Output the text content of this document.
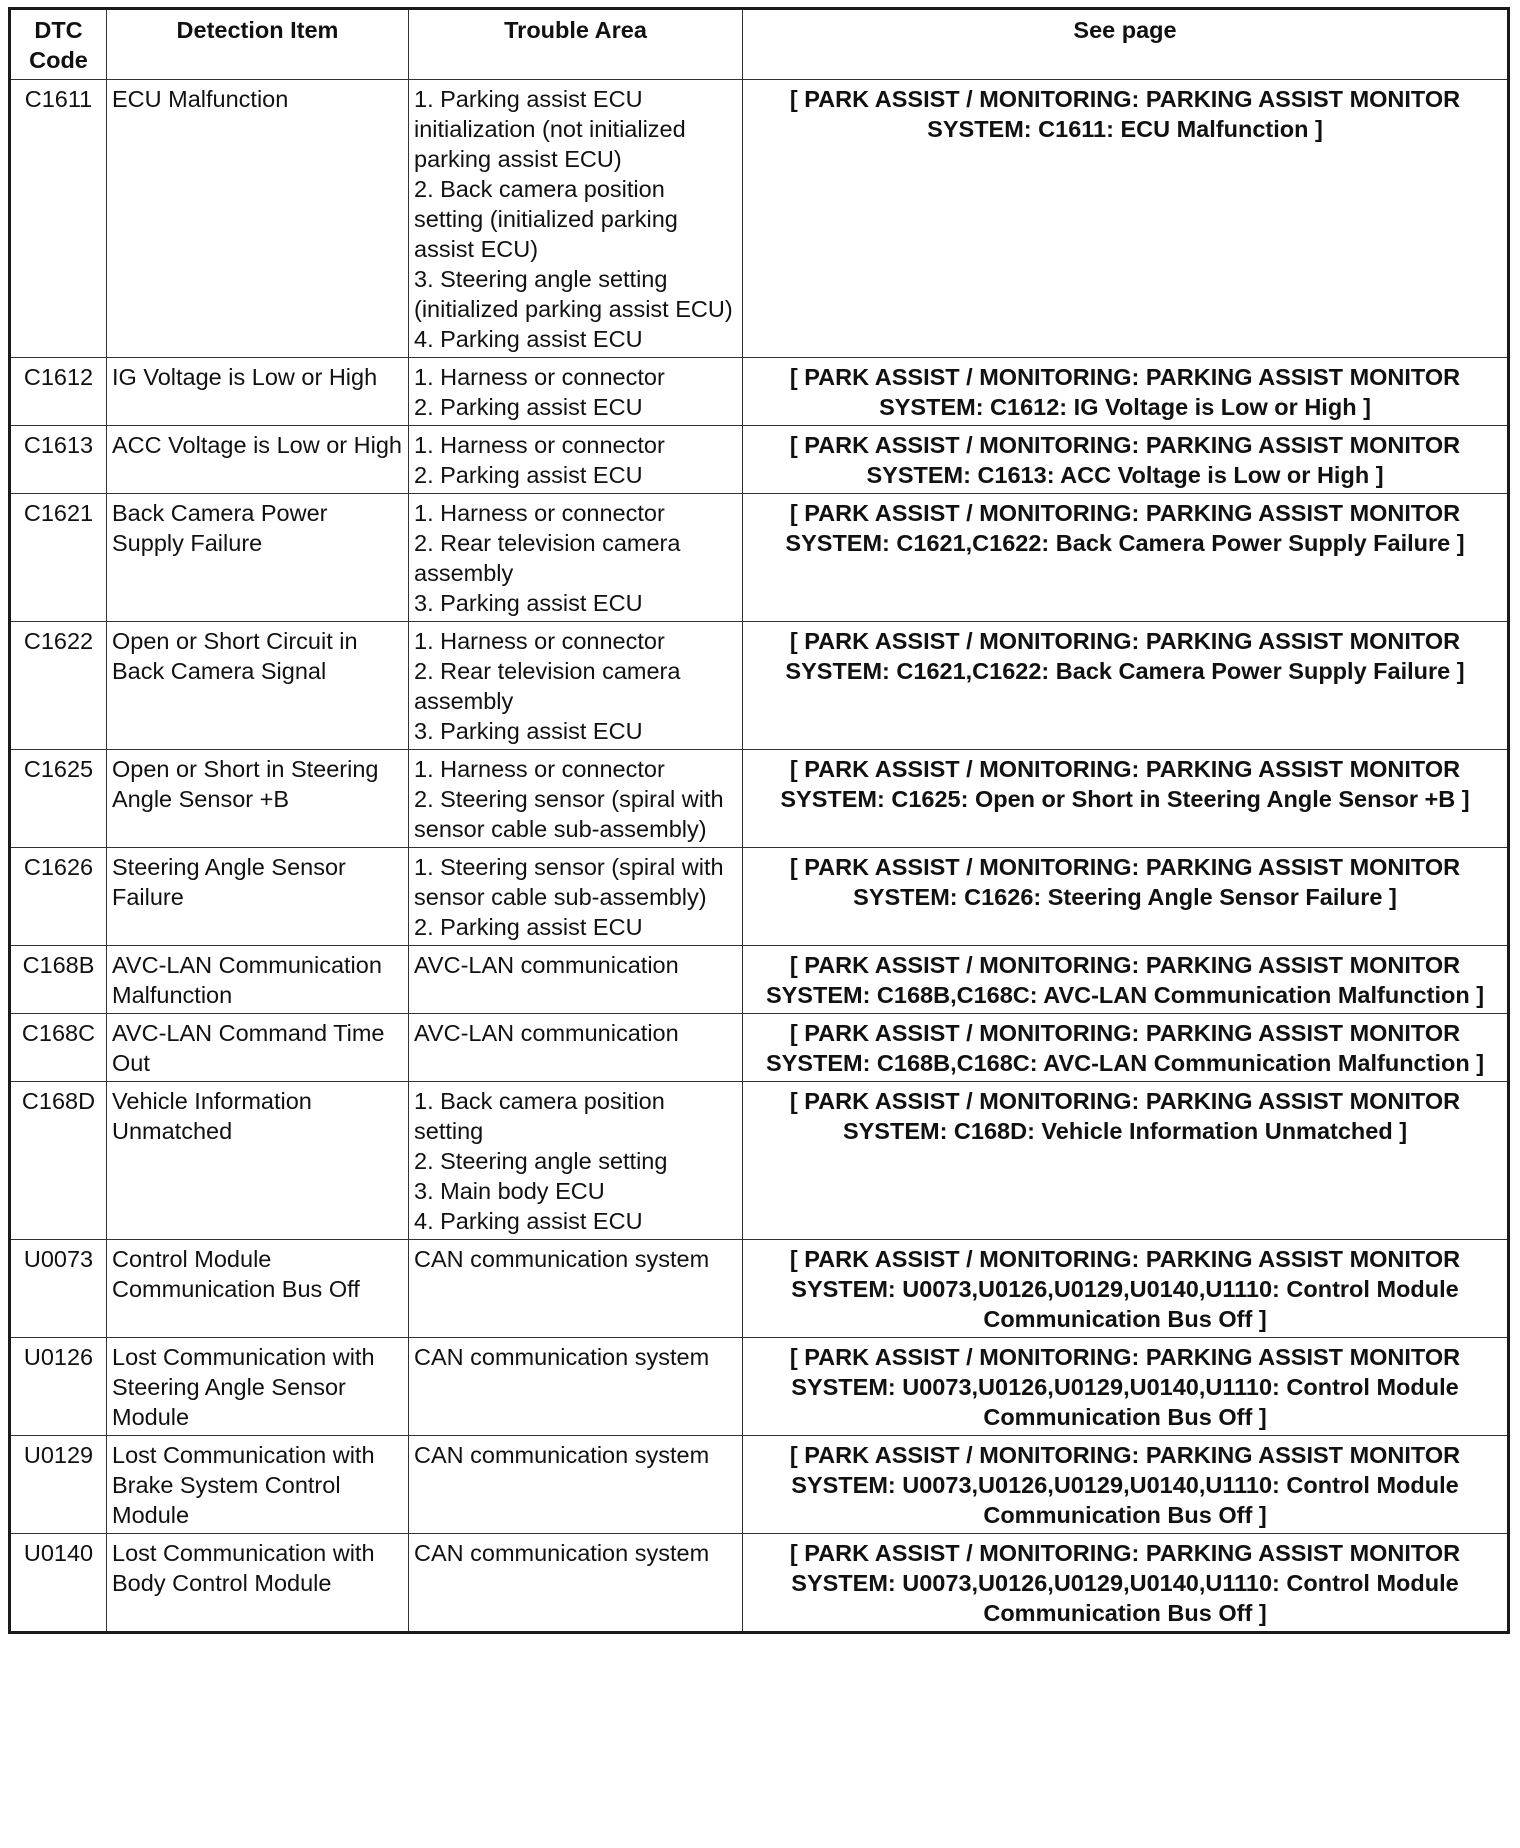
DTC
Code	Detection Item	Trouble Area	See page
C1611	ECU Malfunction	1. Parking assist ECU initialization (not initialized parking assist ECU)
2. Back camera position setting (initialized parking assist ECU)
3. Steering angle setting (initialized parking assist ECU)
4. Parking assist ECU	[ PARK ASSIST / MONITORING: PARKING ASSIST MONITOR SYSTEM: C1611: ECU Malfunction ]
C1612	IG Voltage is Low or High	1. Harness or connector
2. Parking assist ECU	[ PARK ASSIST / MONITORING: PARKING ASSIST MONITOR SYSTEM: C1612: IG Voltage is Low or High ]
C1613	ACC Voltage is Low or High	1. Harness or connector
2. Parking assist ECU	[ PARK ASSIST / MONITORING: PARKING ASSIST MONITOR SYSTEM: C1613: ACC Voltage is Low or High ]
C1621	Back Camera Power Supply Failure	1. Harness or connector
2. Rear television camera assembly
3. Parking assist ECU	[ PARK ASSIST / MONITORING: PARKING ASSIST MONITOR SYSTEM: C1621,C1622: Back Camera Power Supply Failure ]
C1622	Open or Short Circuit in Back Camera Signal	1. Harness or connector
2. Rear television camera assembly
3. Parking assist ECU	[ PARK ASSIST / MONITORING: PARKING ASSIST MONITOR SYSTEM: C1621,C1622: Back Camera Power Supply Failure ]
C1625	Open or Short in Steering Angle Sensor +B	1. Harness or connector
2. Steering sensor (spiral with sensor cable sub-assembly)	[ PARK ASSIST / MONITORING: PARKING ASSIST MONITOR SYSTEM: C1625: Open or Short in Steering Angle Sensor +B ]
C1626	Steering Angle Sensor Failure	1. Steering sensor (spiral with sensor cable sub-assembly)
2. Parking assist ECU	[ PARK ASSIST / MONITORING: PARKING ASSIST MONITOR SYSTEM: C1626: Steering Angle Sensor Failure ]
C168B	AVC-LAN Communication Malfunction	AVC-LAN communication	[ PARK ASSIST / MONITORING: PARKING ASSIST MONITOR SYSTEM: C168B,C168C: AVC-LAN Communication Malfunction ]
C168C	AVC-LAN Command Time Out	AVC-LAN communication	[ PARK ASSIST / MONITORING: PARKING ASSIST MONITOR SYSTEM: C168B,C168C: AVC-LAN Communication Malfunction ]
C168D	Vehicle Information Unmatched	1. Back camera position setting
2. Steering angle setting
3. Main body ECU
4. Parking assist ECU	[ PARK ASSIST / MONITORING: PARKING ASSIST MONITOR SYSTEM: C168D: Vehicle Information Unmatched ]
U0073	Control Module Communication Bus Off	CAN communication system	[ PARK ASSIST / MONITORING: PARKING ASSIST MONITOR SYSTEM: U0073,U0126,U0129,U0140,U1110: Control Module Communication Bus Off ]
U0126	Lost Communication with Steering Angle Sensor Module	CAN communication system	[ PARK ASSIST / MONITORING: PARKING ASSIST MONITOR SYSTEM: U0073,U0126,U0129,U0140,U1110: Control Module Communication Bus Off ]
U0129	Lost Communication with Brake System Control Module	CAN communication system	[ PARK ASSIST / MONITORING: PARKING ASSIST MONITOR SYSTEM: U0073,U0126,U0129,U0140,U1110: Control Module Communication Bus Off ]
U0140	Lost Communication with Body Control Module	CAN communication system	[ PARK ASSIST / MONITORING: PARKING ASSIST MONITOR SYSTEM: U0073,U0126,U0129,U0140,U1110: Control Module Communication Bus Off ]
